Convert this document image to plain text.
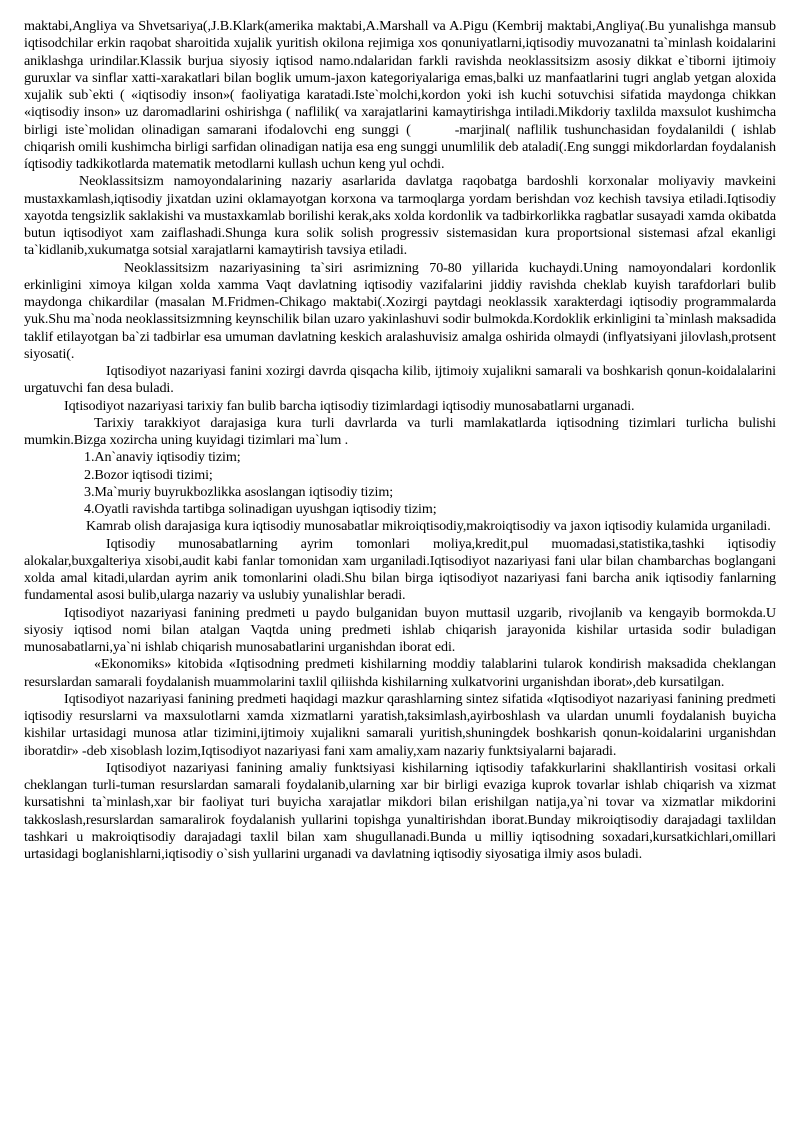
maktabi,Angliya va Shvetsariya(,J.B.Klark(amerika maktabi,A.Marshall va A.Pigu (Kembrij maktabi,Angliya(.Bu yunalishga mansub iqtisodchilar erkin raqobat sharoitida xujalik yuritish okilona rejimiga xos qonuniyatlarni,iqtisodiy muvozanatni ta`minlash koidalarini aniklashga urindilar.Klassik burjua siyosiy iqtisod namo.ndalaridan farkli ravishda neoklassitsizm asosiy dikkat e`tiborni ijtimoiy guruxlar va sinflar xatti-xarakatlari bilan boglik umum-jaxon kategoriyalariga emas,balki uz manfaatlarini tugri anglab yetgan aloxida xujalik sub`ekti ( «iqtisodiy inson»( faoliyatiga karatadi.Iste`molchi,kordon yoki ish kuchi sotuvchisi sifatida maydonga chikkan «iqtisodiy inson» uz daromadlarini oshirishga ( naflilik( va xarajatlarini kamaytirishga intiladi.Mikdoriy taxlilda maxsulot kushimcha birligi iste`molidan olinadigan samarani ifodalovchi eng sunggi (	-marjinal( naflilik tushunchasidan foydalanildi ( ishlab chiqarish omili kushimcha birligi sarfidan olinadigan natija esa eng sunggi unumlilik deb ataladi(.Eng sunggi mikdorlardan foydalanish íqtisodiy tadkikotlarda matematik metodlarni kullash uchun keng yul ochdi.

Neoklassitsizm namoyondalarining nazariy asarlarida davlatga raqobatga bardoshli korxonalar moliyaviy mavkeini mustaxkamlash,iqtisodiy jixatdan uzini oklamayotgan korxona va tarmoqlarga yordam berishdan voz kechish tavsiya etiladi.Iqtisodiy xayotda tengsizlik saklakishi va mustaxkamlab borilishi kerak,aks xolda kordonlik va tadbirkorlikka ragbatlar susayadi xamda okibatda butun iqtisodiyot xam zaiflashadi.Shunga kura solik solish progressiv sistemasidan kura proportsional sistemasi afzal ekanligi ta`kidlanib,xukumatga sotsial xarajatlarni kamaytirish tavsiya etiladi.

Neoklassitsizm nazariyasining ta`siri asrimizning 70-80 yillarida kuchaydi.Uning namoyondalari kordonlik erkinligini ximoya kilgan xolda xamma Vaqt davlatning iqtisodiy vazifalarini jiddiy ravishda cheklab kuyish tarafdorlari bulib maydonga chikardilar (masalan M.Fridmen-Chikago maktabi(.Xozirgi paytdagi neoklassik xarakterdagi iqtisodiy programmalarda yuk.Shu ma`noda neoklassitsizmning keynschilik bilan uzaro yakinlashuvi sodir bulmokda.Kordoklik erkinligini ta`minlash maksadida taklif etilayotgan ba`zi tadbirlar esa umuman davlatning keskich aralashuvisiz amalga oshirida olmaydi (inflyatsiyani jilovlash,protsent siyosati(.

Iqtisodiyot nazariyasi fanini xozirgi davrda qisqacha kilib, ijtimoiy xujalikni samarali va boshkarish qonun-koidalalarini urgatuvchi fan desa buladi.

Iqtisodiyot nazariyasi tarixiy fan bulib barcha iqtisodiy tizimlardagi iqtisodiy munosabatlarni urganadi.

Tarixiy tarakkiyot darajasiga kura turli davrlarda va turli mamlakatlarda iqtisodning tizimlari turlicha bulishi mumkin.Bizga xozircha uning kuyidagi tizimlari ma`lum .

1.An`anaviy iqtisodiy tizim;

2.Bozor iqtisodi tizimi;

3.Ma`muriy buyrukbozlikka asoslangan iqtisodiy tizim;

4.Oyatli ravishda tartibga solinadigan uyushgan iqtisodiy tizim;

Kamrab olish darajasiga kura iqtisodiy munosabatlar mikroiqtisodiy,makroiqtisodiy va jaxon iqtisodiy kulamida urganiladi.

Iqtisodiy munosabatlarning ayrim tomonlari moliya,kredit,pul muomadasi,statistika,tashki iqtisodiy alokalar,buxgalteriya xisobi,audit kabi fanlar tomonidan xam urganiladi.Iqtisodiyot nazariyasi fani ular bilan chambarchas boglangani xolda amal kitadi,ulardan ayrim anik tomonlarini oladi.Shu bilan birga iqtisodiyot nazariyasi fani barcha anik iqtisodiy fanlarning fundamental asosi bulib,ularga nazariy va uslubiy yunalishlar beradi.

Iqtisodiyot nazariyasi fanining predmeti u paydo bulganidan buyon muttasil uzgarib, rivojlanib va kengayib bormokda.U siyosiy iqtisod nomi bilan atalgan Vaqtda uning predmeti ishlab chiqarish jarayonida kishilar urtasida sodir buladigan munosabatlarni,ya`ni ishlab chiqarish munosabatlarini urganishdan iborat edi.

«Ekonomiks» kitobida «Iqtisodning predmeti kishilarning moddiy talablarini tularok kondirish maksadida cheklangan resurslardan samarali foydalanish muammolarini taxlil qiliishda kishilarning xulkatvorini urganishdan iborat»,deb kursatilgan.

Iqtisodiyot nazariyasi fanining predmeti haqidagi mazkur qarashlarning sintez sifatida «Iqtisodiyot nazariyasi fanining predmeti iqtisodiy resurslarni va maxsulotlarni xamda xizmatlarni yaratish,taksimlash,ayirboshlash va ulardan unumli foydalanish buyicha kishilar urtasidagi munosa atlar tizimini,ijtimoiy xujalikni samarali yuritish,shuningdek boshkarish qonun-koidalarini urganishdan iboratdir» -deb xisoblash lozim,Iqtisodiyot nazariyasi fani xam amaliy,xam nazariy funktsiyalarni bajaradi.

Iqtisodiyot nazariyasi fanining amaliy funktsiyasi kishilarning iqtisodiy tafakkurlarini shakllantirish vositasi orkali cheklangan turli-tuman resurslardan samarali foydalanib,ularning xar bir birligi evaziga kuprok tovarlar ishlab chiqarish va xizmat kursatishni ta`minlash,xar bir faoliyat turi buyicha xarajatlar mikdori bilan erishilgan natija,ya`ni tovar va xizmatlar mikdorini takkoslash,resurslardan samaralirok foydalanish yullarini topishga yunaltirishdan iborat.Bunday mikroiqtisodiy darajadagi taxlildan tashkari u makroiqtisodiy darajadagi taxlil bilan xam shugullanadi.Bunda u milliy iqtisodning soxadari,kursatkichlari,omillari urtasidagi boglanishlarni,iqtisodiy o`sish yullarini urganadi va davlatning iqtisodiy siyosatiga ilmiy asos buladi.
